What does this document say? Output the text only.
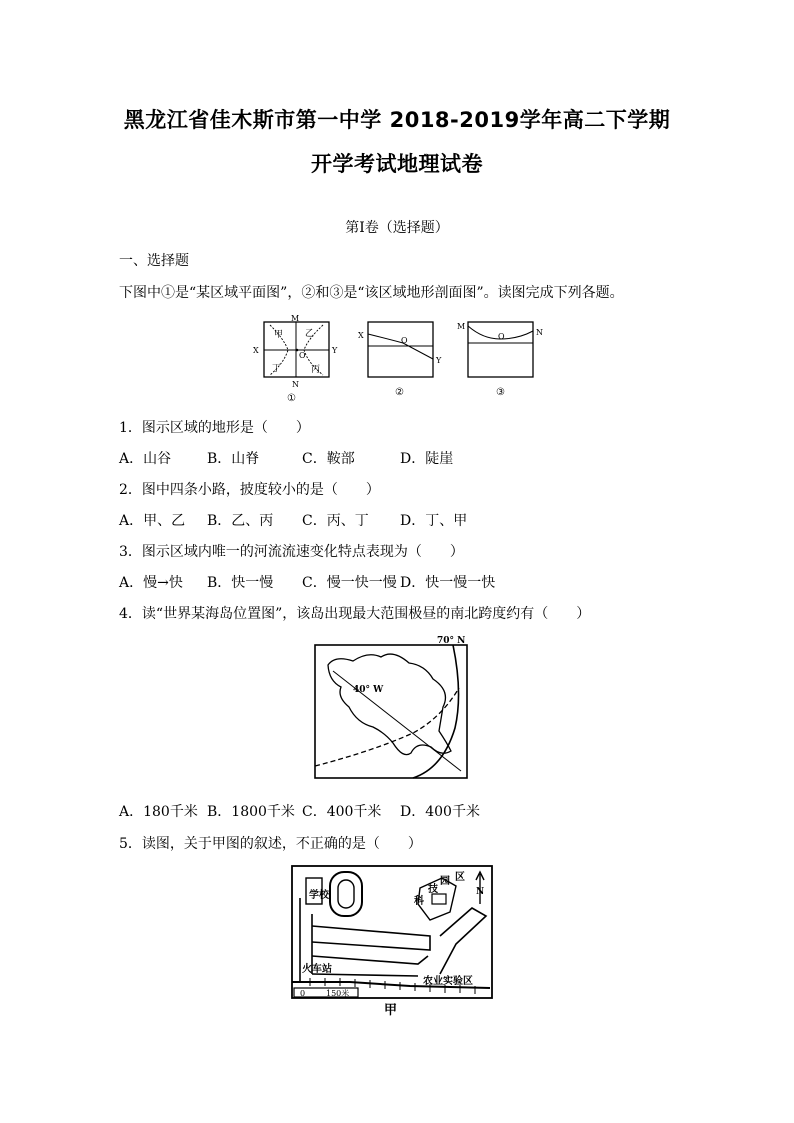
黑龙江省佳木斯市第一中学 2018-2019学年高二下学期
开学考试地理试卷
第Ⅰ卷（选择题）
一、选择题
下图中①是“某区域平面图”，②和③是“该区域地形剖面图”。读图完成下列各题。
M
N
X	Y
O
甲 乙
丁	丙
①
X
Y
O
②
M
N
O
③
1．图示区域的地形是（　　）
A．山谷	B．山脊	C．鞍部	D．陡崖
2．图中四条小路，披度较小的是（　　）
A．甲、乙 B．乙、丙 C．丙、丁 D．丁、甲
3．图示区域内唯一的河流流速变化特点表现为（　　）
A．慢→快 B．快一慢 C．慢一快一慢 D．快一慢一快
4．读“世界某海岛位置图”，该岛出现最大范围极昼的南北跨度约有（　　）
70° N
40° W
A．180千米 B．1800千米 C．400千米 D．400千米
5．读图，关于甲图的叙述，不正确的是（　　）
0	150米
学校
科
技
园 区
N
火车站
农业实验区
甲
